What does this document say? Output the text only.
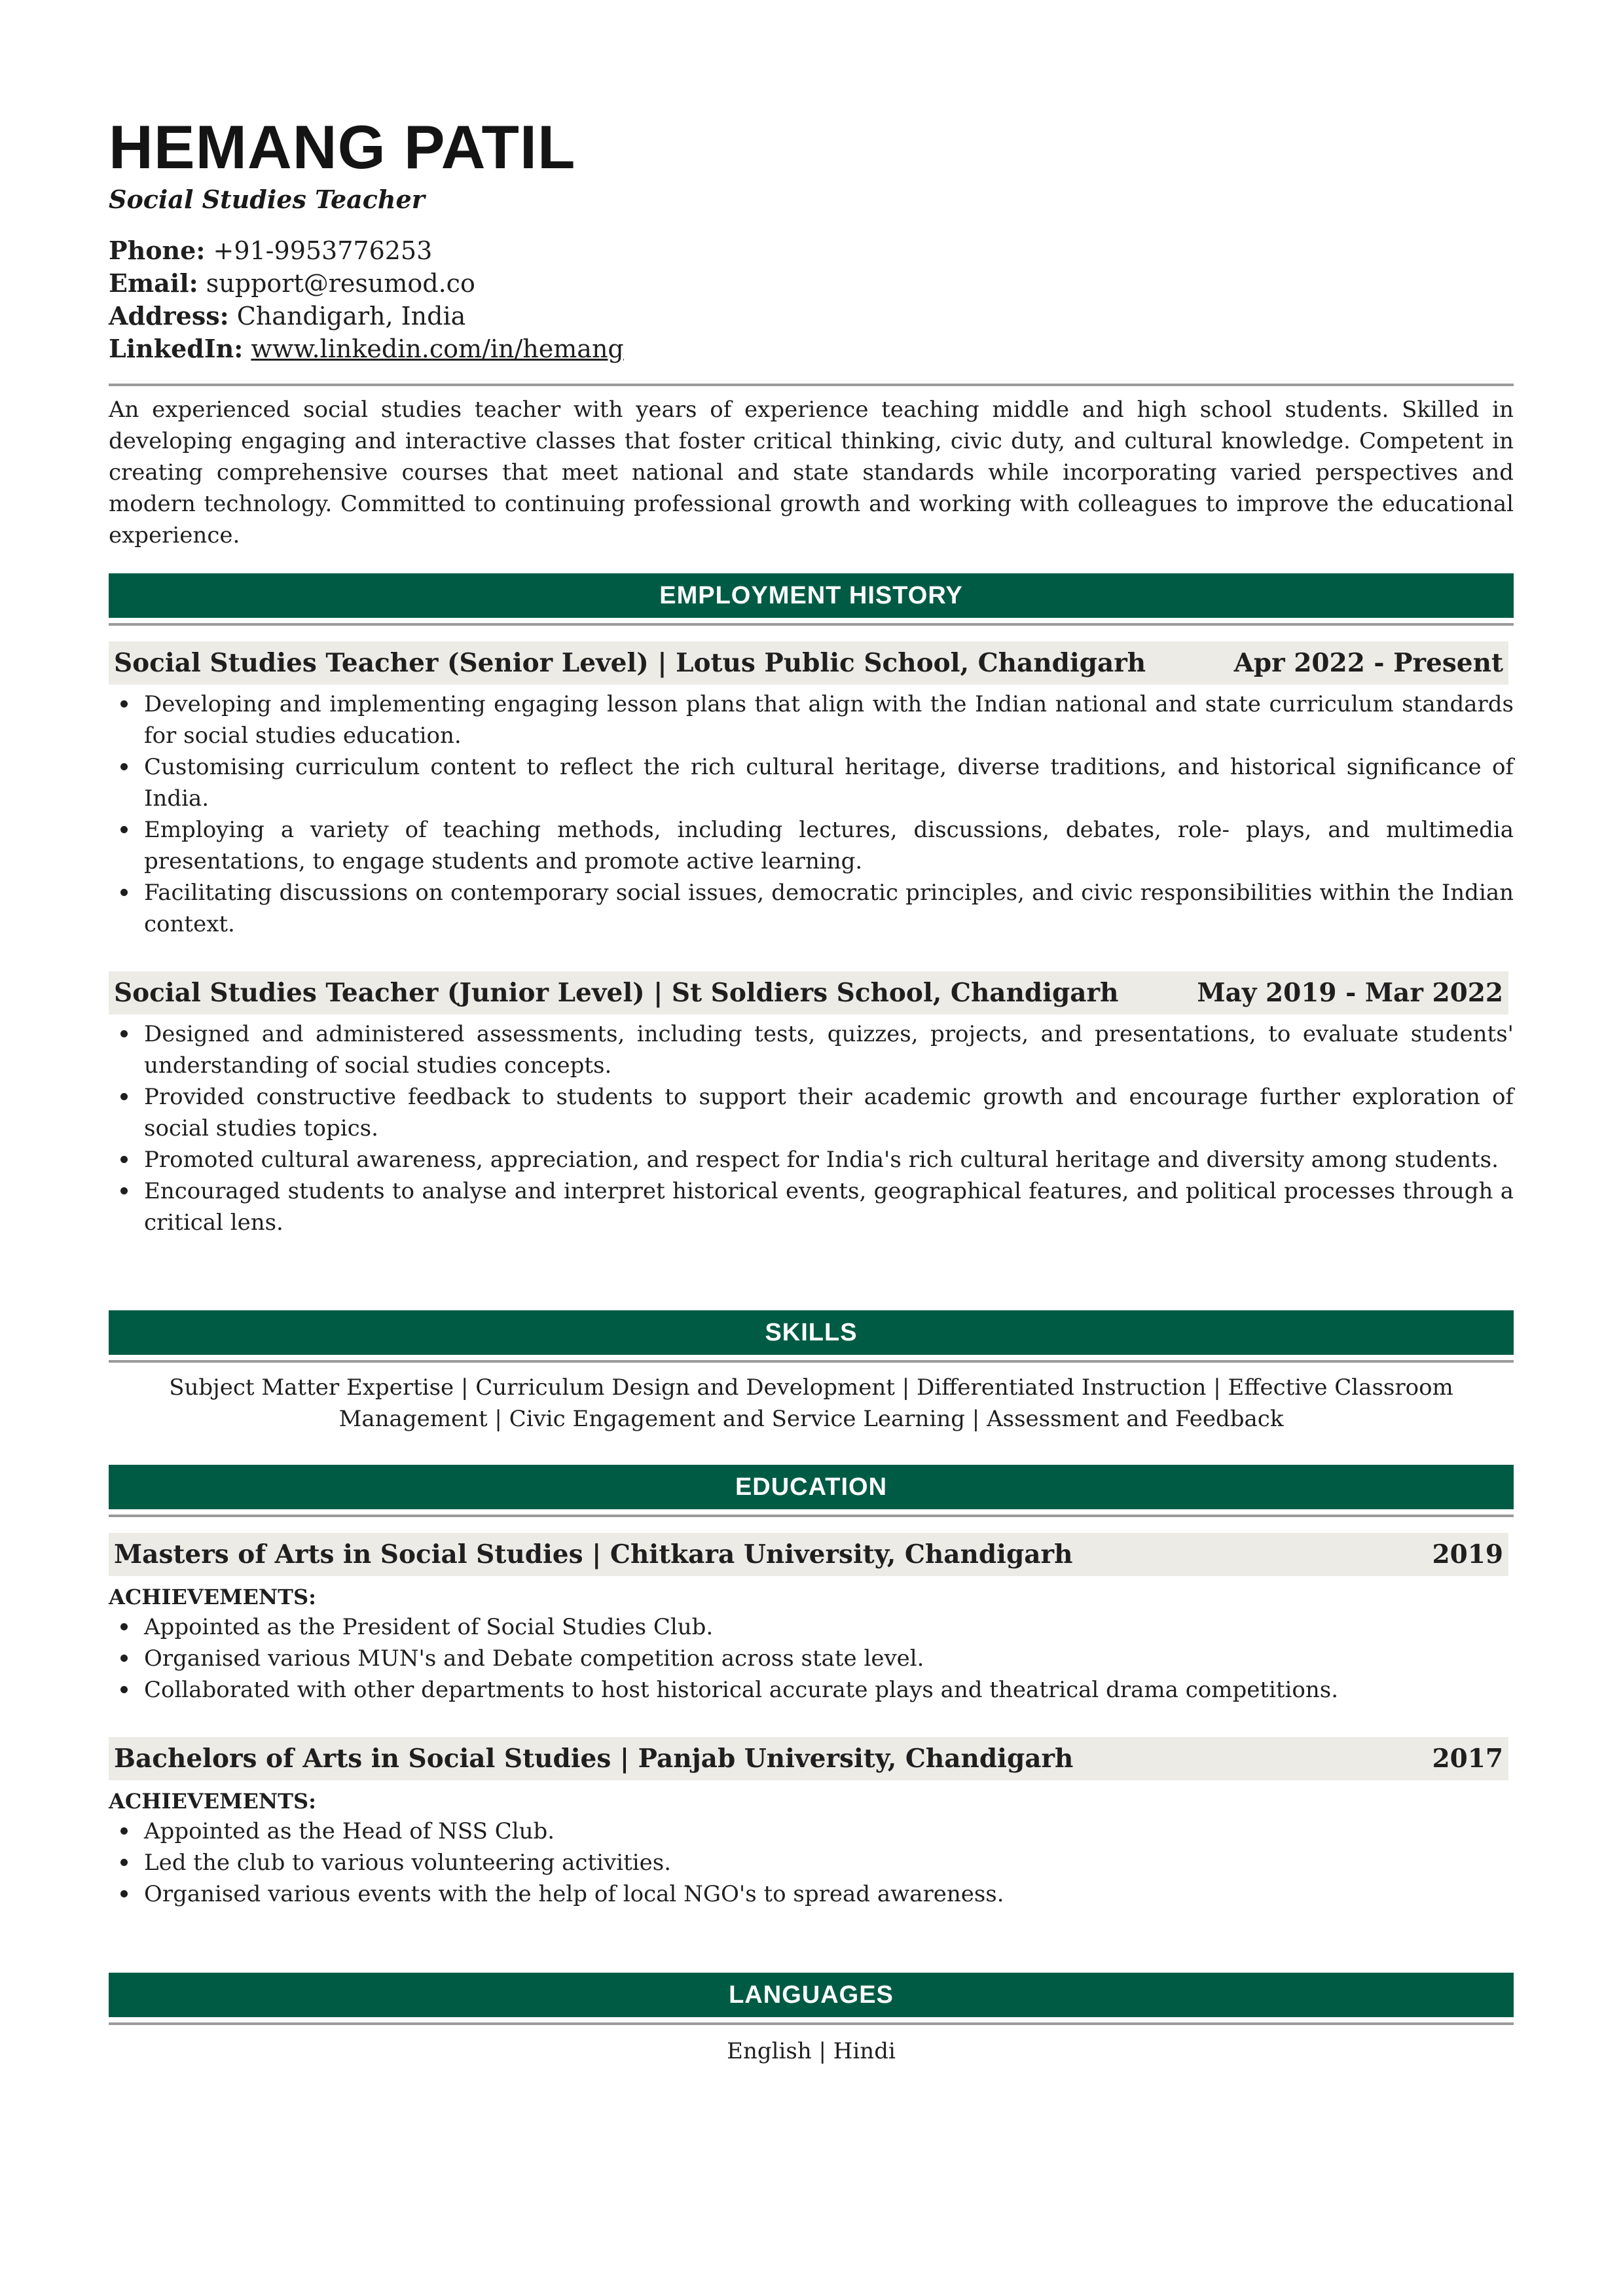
HEMANG PATIL
Social Studies Teacher
Phone: +91-9953776253
Email: support@resumod.co
Address: Chandigarh, India
LinkedIn: www.linkedin.com/in/hemang

An experienced social studies teacher with years of experience teaching middle and high school students. Skilled in developing engaging and interactive classes that foster critical thinking, civic duty, and cultural knowledge. Competent in creating comprehensive courses that meet national and state standards while incorporating varied perspectives and modern technology. Committed to continuing professional growth and working with colleagues to improve the educational experience.

EMPLOYMENT HISTORY
Social Studies Teacher (Senior Level) | Lotus Public School, Chandigarh	Apr 2022 - Present
Developing and implementing engaging lesson plans that align with the Indian national and state curriculum standards for social studies education.
Customising curriculum content to reflect the rich cultural heritage, diverse traditions, and historical significance of India.
Employing a variety of teaching methods, including lectures, discussions, debates, role- plays, and multimedia presentations, to engage students and promote active learning.
Facilitating discussions on contemporary social issues, democratic principles, and civic responsibilities within the Indian context.
Social Studies Teacher (Junior Level) | St Soldiers School, Chandigarh	May 2019 - Mar 2022
Designed and administered assessments, including tests, quizzes, projects, and presentations, to evaluate students' understanding of social studies concepts.
Provided constructive feedback to students to support their academic growth and encourage further exploration of social studies topics.
Promoted cultural awareness, appreciation, and respect for India's rich cultural heritage and diversity among students.
Encouraged students to analyse and interpret historical events, geographical features, and political processes through a critical lens.
SKILLS
Subject Matter Expertise | Curriculum Design and Development | Differentiated Instruction | Effective Classroom Management | Civic Engagement and Service Learning | Assessment and Feedback
EDUCATION
Masters of Arts in Social Studies | Chitkara University, Chandigarh	2019
ACHIEVEMENTS:
Appointed as the President of Social Studies Club.
Organised various MUN's and Debate competition across state level.
Collaborated with other departments to host historical accurate plays and theatrical drama competitions.
Bachelors of Arts in Social Studies | Panjab University, Chandigarh	2017
ACHIEVEMENTS:
Appointed as the Head of NSS Club.
Led the club to various volunteering activities.
Organised various events with the help of local NGO's to spread awareness.
LANGUAGES
English | Hindi
